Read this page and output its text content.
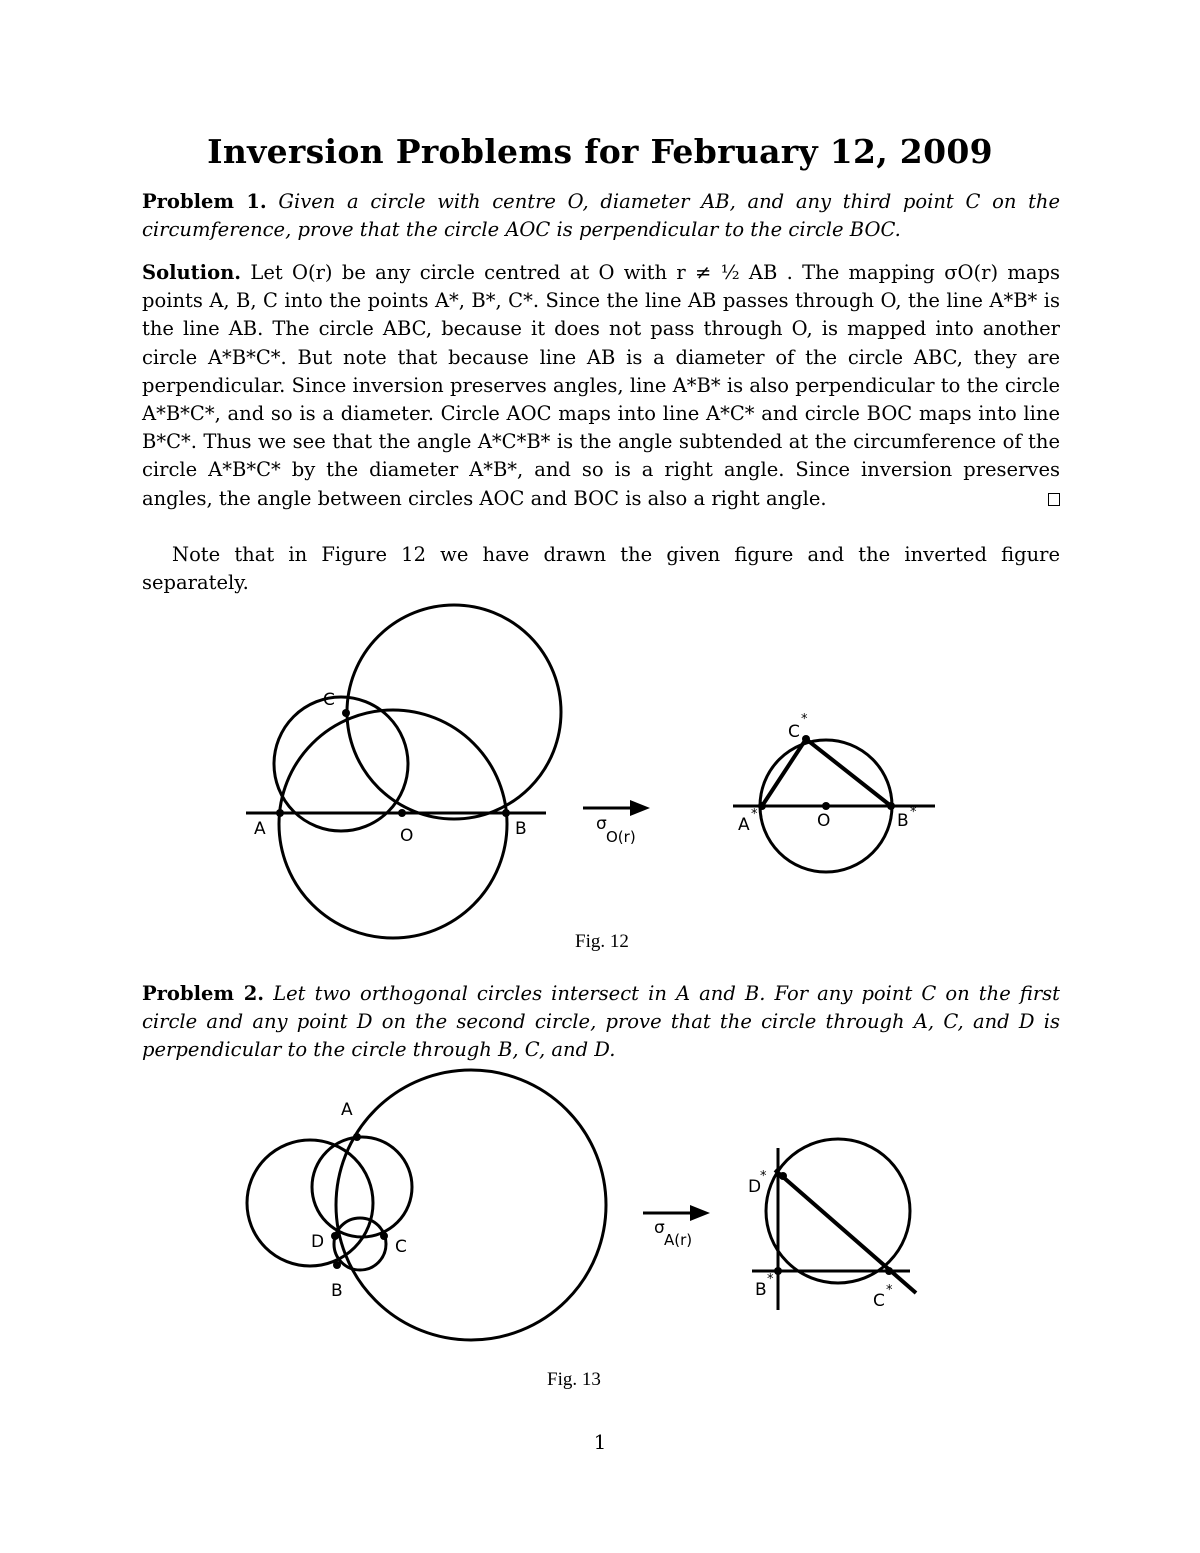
Inversion Problems for February 12, 2009
Problem 1. Given a circle with centre O, diameter AB, and any third point C on the circumference, prove that the circle AOC is perpendicular to the circle BOC.
Solution. Let O(r) be any circle centred at O with r ≠ ½ AB . The mapping σO(r) maps points A, B, C into the points A*, B*, C*. Since the line AB passes through O, the line A*B* is the line AB. The circle ABC, because it does not pass through O, is mapped into another circle A*B*C*. But note that because line AB is a diameter of the circle ABC, they are perpendicular. Since inversion preserves angles, line A*B* is also perpendicular to the circle A*B*C*, and so is a diameter. Circle AOC maps into line A*C* and circle BOC maps into line B*C*. Thus we see that the angle A*C*B* is the angle subtended at the circumference of the circle A*B*C* by the diameter A*B*, and so is a right angle. Since inversion preserves angles, the angle between circles AOC and BOC is also a right angle.
Note that in Figure 12 we have drawn the given figure and the inverted figure separately.
A	O	B
C
σ
O(r)
A
*	O	B *
C
*
Fig. 12
A
B
C
D
σ
A(r)
D
*
B
*
C
*
Fig. 13
Problem 2. Let two orthogonal circles intersect in A and B. For any point C on the first circle and any point D on the second circle, prove that the circle through A, C, and D is perpendicular to the circle through B, C, and D.
1
